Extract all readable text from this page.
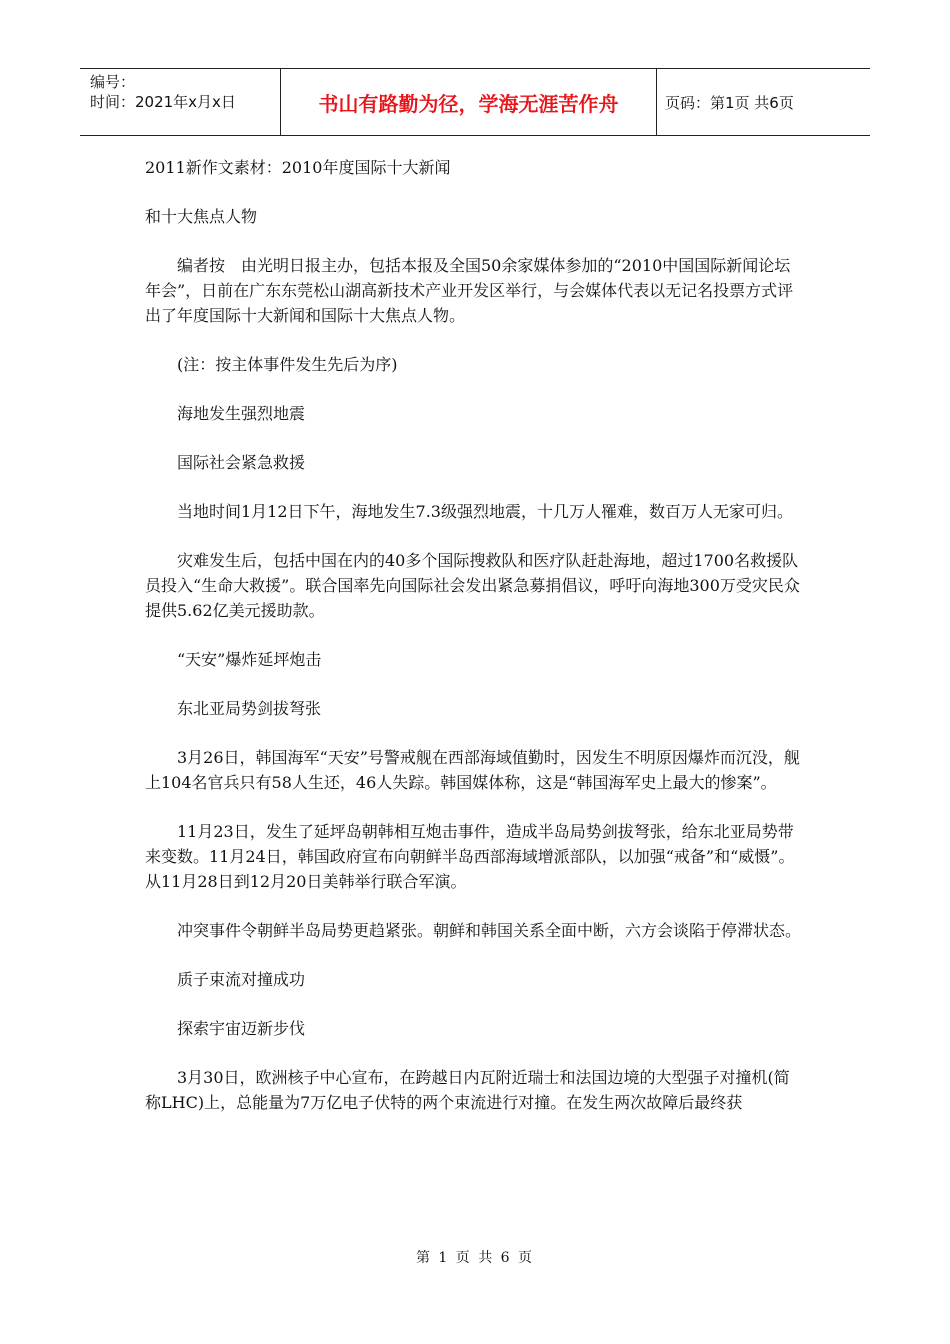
编号：
时间：2021年x月x日	书山有路勤为径，学海无涯苦作舟	页码：第1页 共6页

2011新作文素材：2010年度国际十大新闻

和十大焦点人物

编者按　由光明日报主办，包括本报及全国50余家媒体参加的“2010中国国际新闻论坛年会”，日前在广东东莞松山湖高新技术产业开发区举行，与会媒体代表以无记名投票方式评出了年度国际十大新闻和国际十大焦点人物。

(注：按主体事件发生先后为序)

海地发生强烈地震

国际社会紧急救援

当地时间1月12日下午，海地发生7.3级强烈地震，十几万人罹难，数百万人无家可归。

灾难发生后，包括中国在内的40多个国际搜救队和医疗队赶赴海地，超过1700名救援队员投入“生命大救援”。联合国率先向国际社会发出紧急募捐倡议，呼吁向海地300万受灾民众提供5.62亿美元援助款。

“天安”爆炸延坪炮击

东北亚局势剑拔弩张

3月26日，韩国海军“天安”号警戒舰在西部海域值勤时，因发生不明原因爆炸而沉没，舰上104名官兵只有58人生还，46人失踪。韩国媒体称，这是“韩国海军史上最大的惨案”。

11月23日，发生了延坪岛朝韩相互炮击事件，造成半岛局势剑拔弩张，给东北亚局势带来变数。11月24日，韩国政府宣布向朝鲜半岛西部海域增派部队，以加强“戒备”和“威慑”。从11月28日到12月20日美韩举行联合军演。

冲突事件令朝鲜半岛局势更趋紧张。朝鲜和韩国关系全面中断，六方会谈陷于停滞状态。

质子束流对撞成功

探索宇宙迈新步伐

3月30日，欧洲核子中心宣布，在跨越日内瓦附近瑞士和法国边境的大型强子对撞机(简称LHC)上，总能量为7万亿电子伏特的两个束流进行对撞。在发生两次故障后最终获

第 1 页 共 6 页
